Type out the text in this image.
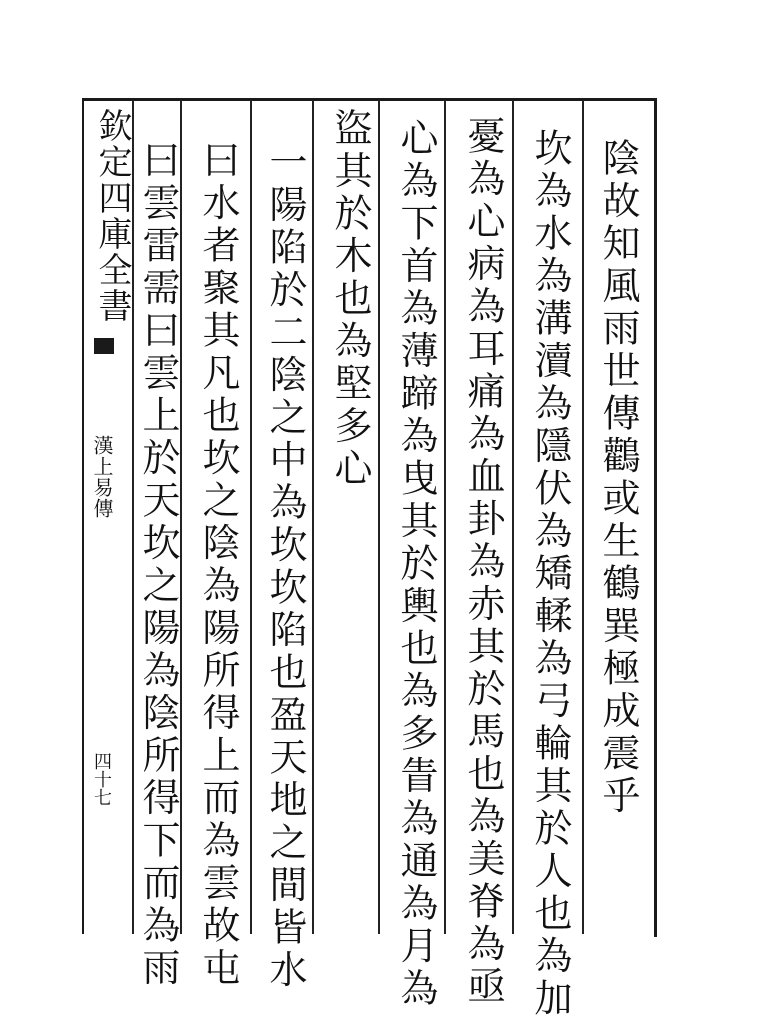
欽定四庫全書
漢上易傳
四十七	陰故知風雨世傳鸛或生鶴巽極成震乎
坎為水為溝瀆為隱伏為矯輮為弓輪其於人也為加
憂為心病為耳痛為血卦為赤其於馬也為美脊為亟
心為下首為薄蹄為曳其於輿也為多眚為通為月為
盜其於木也為堅多心
一陽陷於二陰之中為坎坎陷也盈天地之間皆水
曰水者聚其凡也坎之陰為陽所得上而為雲故屯
曰雲雷需曰雲上於天坎之陽為陰所得下而為雨
